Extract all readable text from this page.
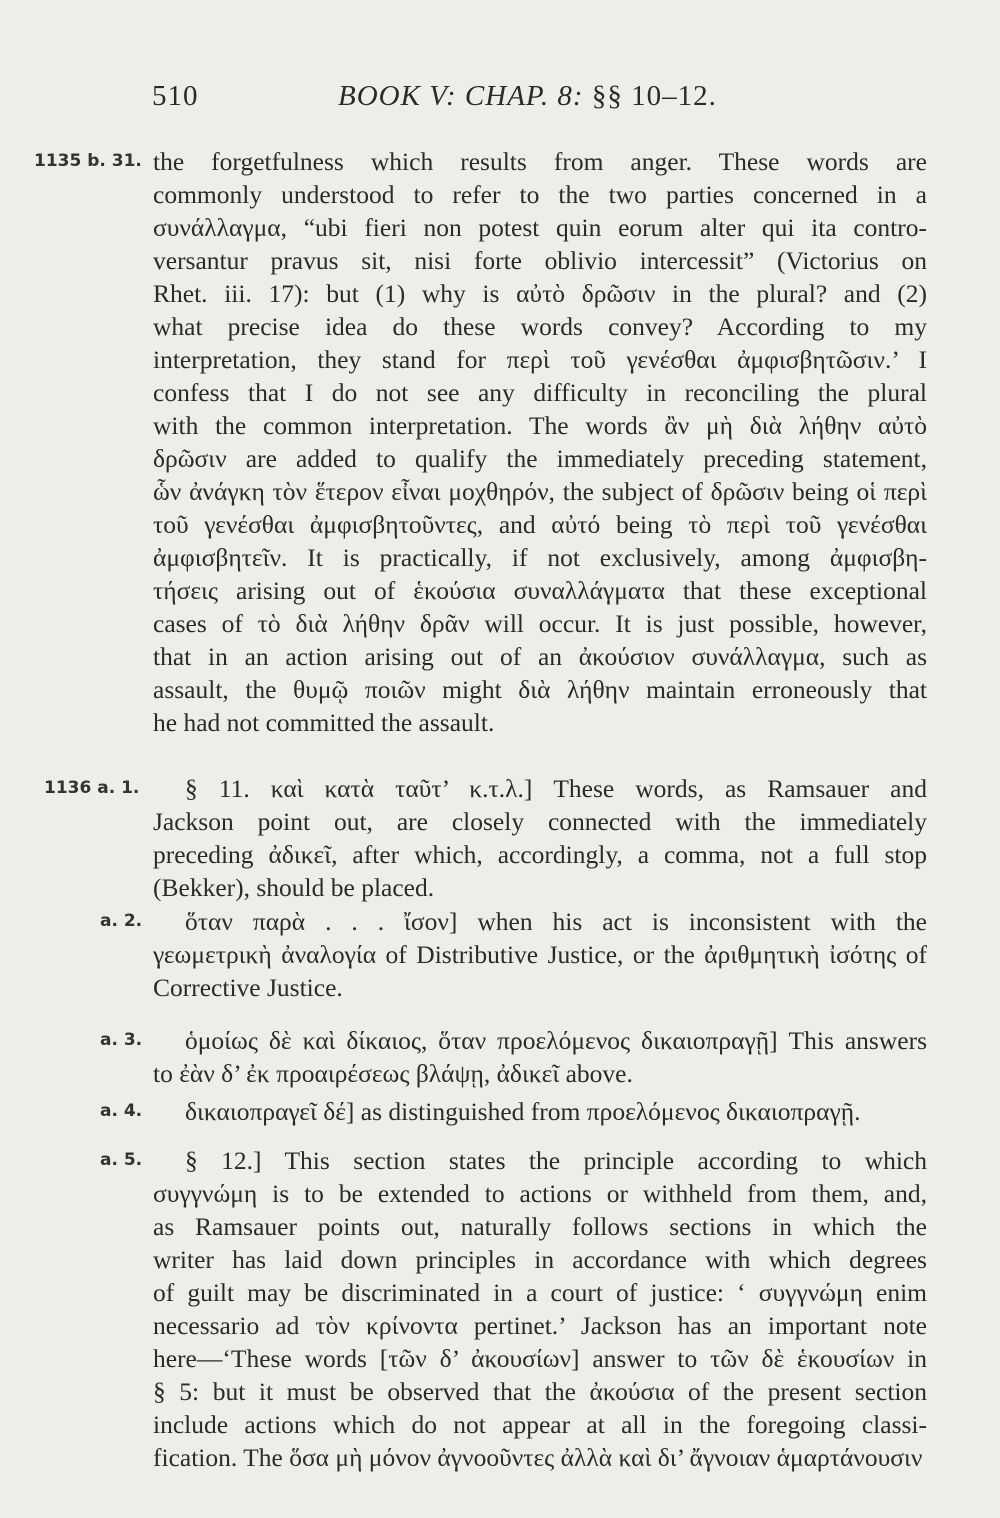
510	BOOK V: CHAP. 8: §§ 10–12.
the forgetfulness which results from anger. These words are
commonly understood to refer to the two parties concerned in a
συνάλλαγμα, “ubi fieri non potest quin eorum alter qui ita contro-
versantur pravus sit, nisi forte oblivio intercessit” (Victorius on
Rhet. iii. 17): but (1) why is αὐτὸ δρῶσιν in the plural? and (2)
what precise idea do these words convey? According to my
interpretation, they stand for περὶ τοῦ γενέσθαι ἀμφισβητῶσιν.’ I
confess that I do not see any difficulty in reconciling the plural
with the common interpretation. The words ἂν μὴ διὰ λήθην αὐτὸ
δρῶσιν are added to qualify the immediately preceding statement,
ὧν ἀνάγκη τὸν ἕτερον εἶναι μοχθηρόν, the subject of δρῶσιν being οἱ περὶ
τοῦ γενέσθαι ἀμφισβητοῦντες, and αὐτό being τὸ περὶ τοῦ γενέσθαι
ἀμφισβητεῖν. It is practically, if not exclusively, among ἀμφισβη-
τήσεις arising out of ἑκούσια συναλλάγματα that these exceptional
cases of τὸ διὰ λήθην δρᾶν will occur. It is just possible, however,
that in an action arising out of an ἀκούσιον συνάλλαγμα, such as
assault, the θυμῷ ποιῶν might διὰ λήθην maintain erroneously that
he had not committed the assault.
§ 11. καὶ κατὰ ταῦτ’ κ.τ.λ.] These words, as Ramsauer and
Jackson point out, are closely connected with the immediately
preceding ἀδικεῖ, after which, accordingly, a comma, not a full stop
(Bekker), should be placed.
ὅταν παρὰ . . . ἴσον] when his act is inconsistent with the
γεωμετρικὴ ἀναλογία of Distributive Justice, or the ἀριθμητικὴ ἰσότης of
Corrective Justice.
ὁμοίως δὲ καὶ δίκαιος, ὅταν προελόμενος δικαιοπραγῇ] This answers
to ἐὰν δ’ ἐκ προαιρέσεως βλάψῃ, ἀδικεῖ above.
δικαιοπραγεῖ δέ] as distinguished from προελόμενος δικαιοπραγῇ.
§ 12.] This section states the principle according to which
συγγνώμη is to be extended to actions or withheld from them, and,
as Ramsauer points out, naturally follows sections in which the
writer has laid down principles in accordance with which degrees
of guilt may be discriminated in a court of justice: ‘ συγγνώμη enim
necessario ad τὸν κρίνοντα pertinet.’ Jackson has an important note
here—‘These words [τῶν δ’ ἀκουσίων] answer to τῶν δὲ ἑκουσίων in
§ 5: but it must be observed that the ἀκούσια of the present section
include actions which do not appear at all in the foregoing classi-
fication. The ὅσα μὴ μόνον ἀγνοοῦντες ἀλλὰ καὶ δι’ ἄγνοιαν ἁμαρτάνουσιν
1135 b. 31.
1136 a. 1.
a. 2.
a. 3.
a. 4.
a. 5.
